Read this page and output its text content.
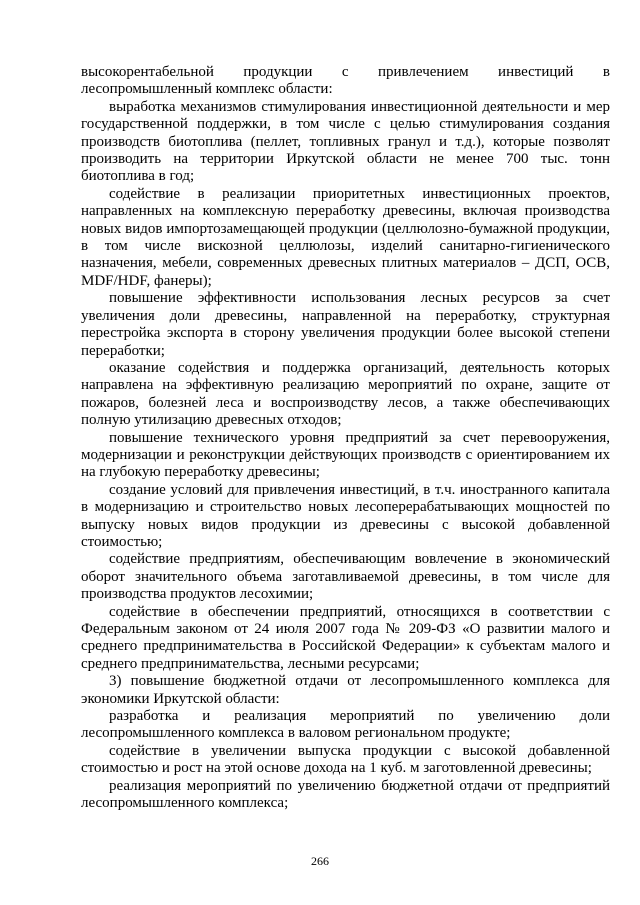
высокорентабельной продукции с привлечением инвестиций в лесопромышленный комплекс области:

выработка механизмов стимулирования инвестиционной деятельности и мер государственной поддержки, в том числе с целью стимулирования создания производств биотоплива (пеллет, топливных гранул и т.д.), которые позволят производить на территории Иркутской области не менее 700 тыс. тонн биотоплива в год;

содействие в реализации приоритетных инвестиционных проектов, направленных на комплексную переработку древесины, включая производства новых видов импортозамещающей продукции (целлюлозно-бумажной продукции, в том числе вискозной целлюлозы, изделий санитарно-гигиенического назначения, мебели, современных древесных плитных материалов – ДСП, OCB, MDF/HDF, фанеры);

повышение эффективности использования лесных ресурсов за счет увеличения доли древесины, направленной на переработку, структурная перестройка экспорта в сторону увеличения продукции более высокой степени переработки;

оказание содействия и поддержка организаций, деятельность которых направлена на эффективную реализацию мероприятий по охране, защите от пожаров, болезней леса и воспроизводству лесов, а также обеспечивающих полную утилизацию древесных отходов;

повышение технического уровня предприятий за счет перевооружения, модернизации и реконструкции действующих производств с ориентированием их на глубокую переработку древесины;

создание условий для привлечения инвестиций, в т.ч. иностранного капитала в модернизацию и строительство новых лесоперерабатывающих мощностей по выпуску новых видов продукции из древесины с высокой добавленной стоимостью;

содействие предприятиям, обеспечивающим вовлечение в экономический оборот значительного объема заготавливаемой древесины, в том числе для производства продуктов лесохимии;

содействие в обеспечении предприятий, относящихся в соответствии с Федеральным законом от 24 июля 2007 года № 209-ФЗ «О развитии малого и среднего предпринимательства в Российской Федерации» к субъектам малого и среднего предпринимательства, лесными ресурсами;

3) повышение бюджетной отдачи от лесопромышленного комплекса для экономики Иркутской области:

разработка и реализация мероприятий по увеличению доли лесопромышленного комплекса в валовом региональном продукте;

содействие в увеличении выпуска продукции с высокой добавленной стоимостью и рост на этой основе дохода на 1 куб. м заготовленной древесины;

реализация мероприятий по увеличению бюджетной отдачи от предприятий лесопромышленного комплекса;

266
